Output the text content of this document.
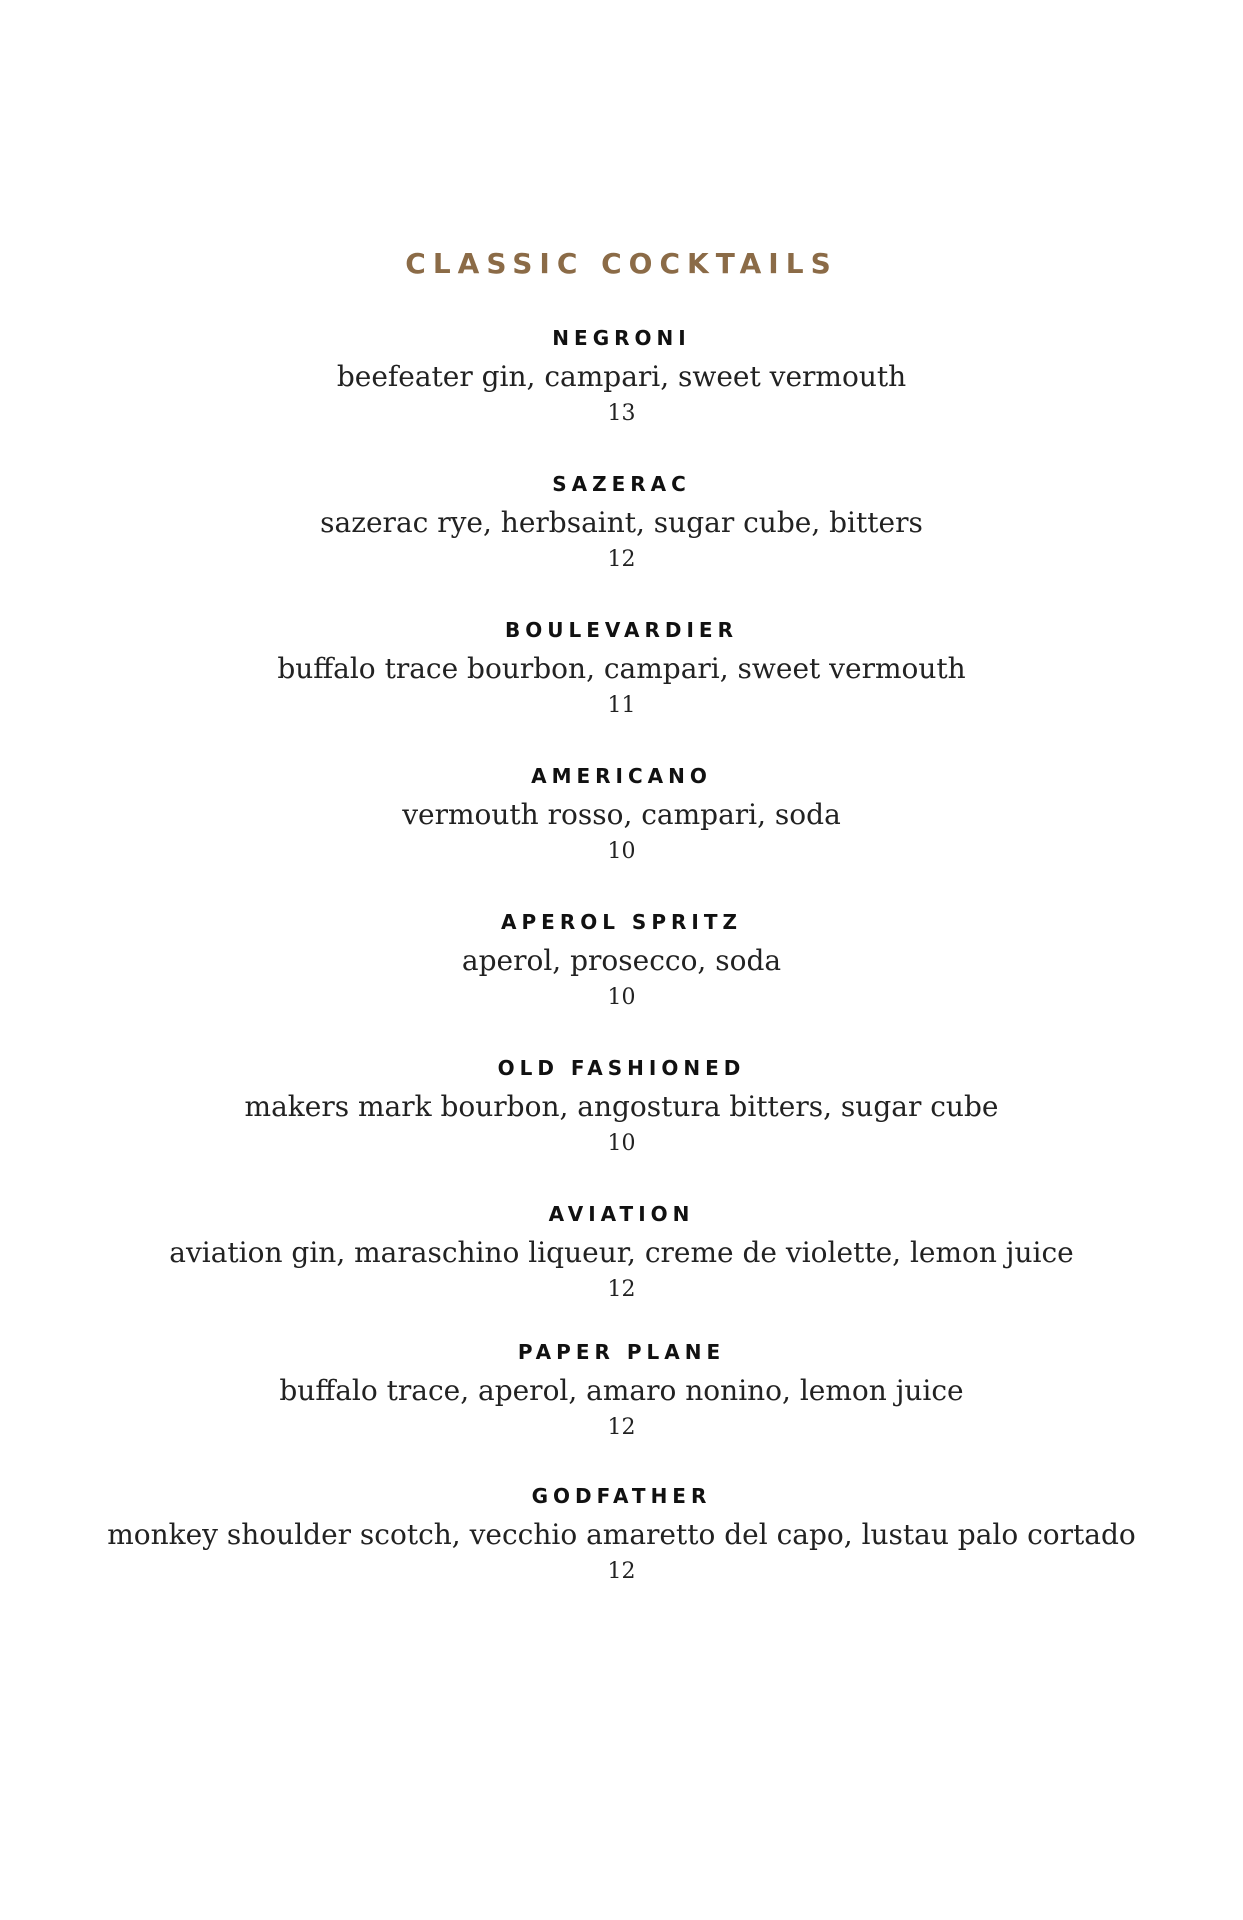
CLASSIC COCKTAILS
NEGRONI
beefeater gin, campari, sweet vermouth
13
SAZERAC
sazerac rye, herbsaint, sugar cube, bitters
12
BOULEVARDIER
buffalo trace bourbon, campari, sweet vermouth
11
AMERICANO
vermouth rosso, campari, soda
10
APEROL SPRITZ
aperol, prosecco, soda
10
OLD FASHIONED
makers mark bourbon, angostura bitters, sugar cube
10
AVIATION
aviation gin, maraschino liqueur, creme de violette, lemon juice
12
PAPER PLANE
buffalo trace, aperol, amaro nonino, lemon juice
12
GODFATHER
monkey shoulder scotch, vecchio amaretto del capo, lustau palo cortado
12
